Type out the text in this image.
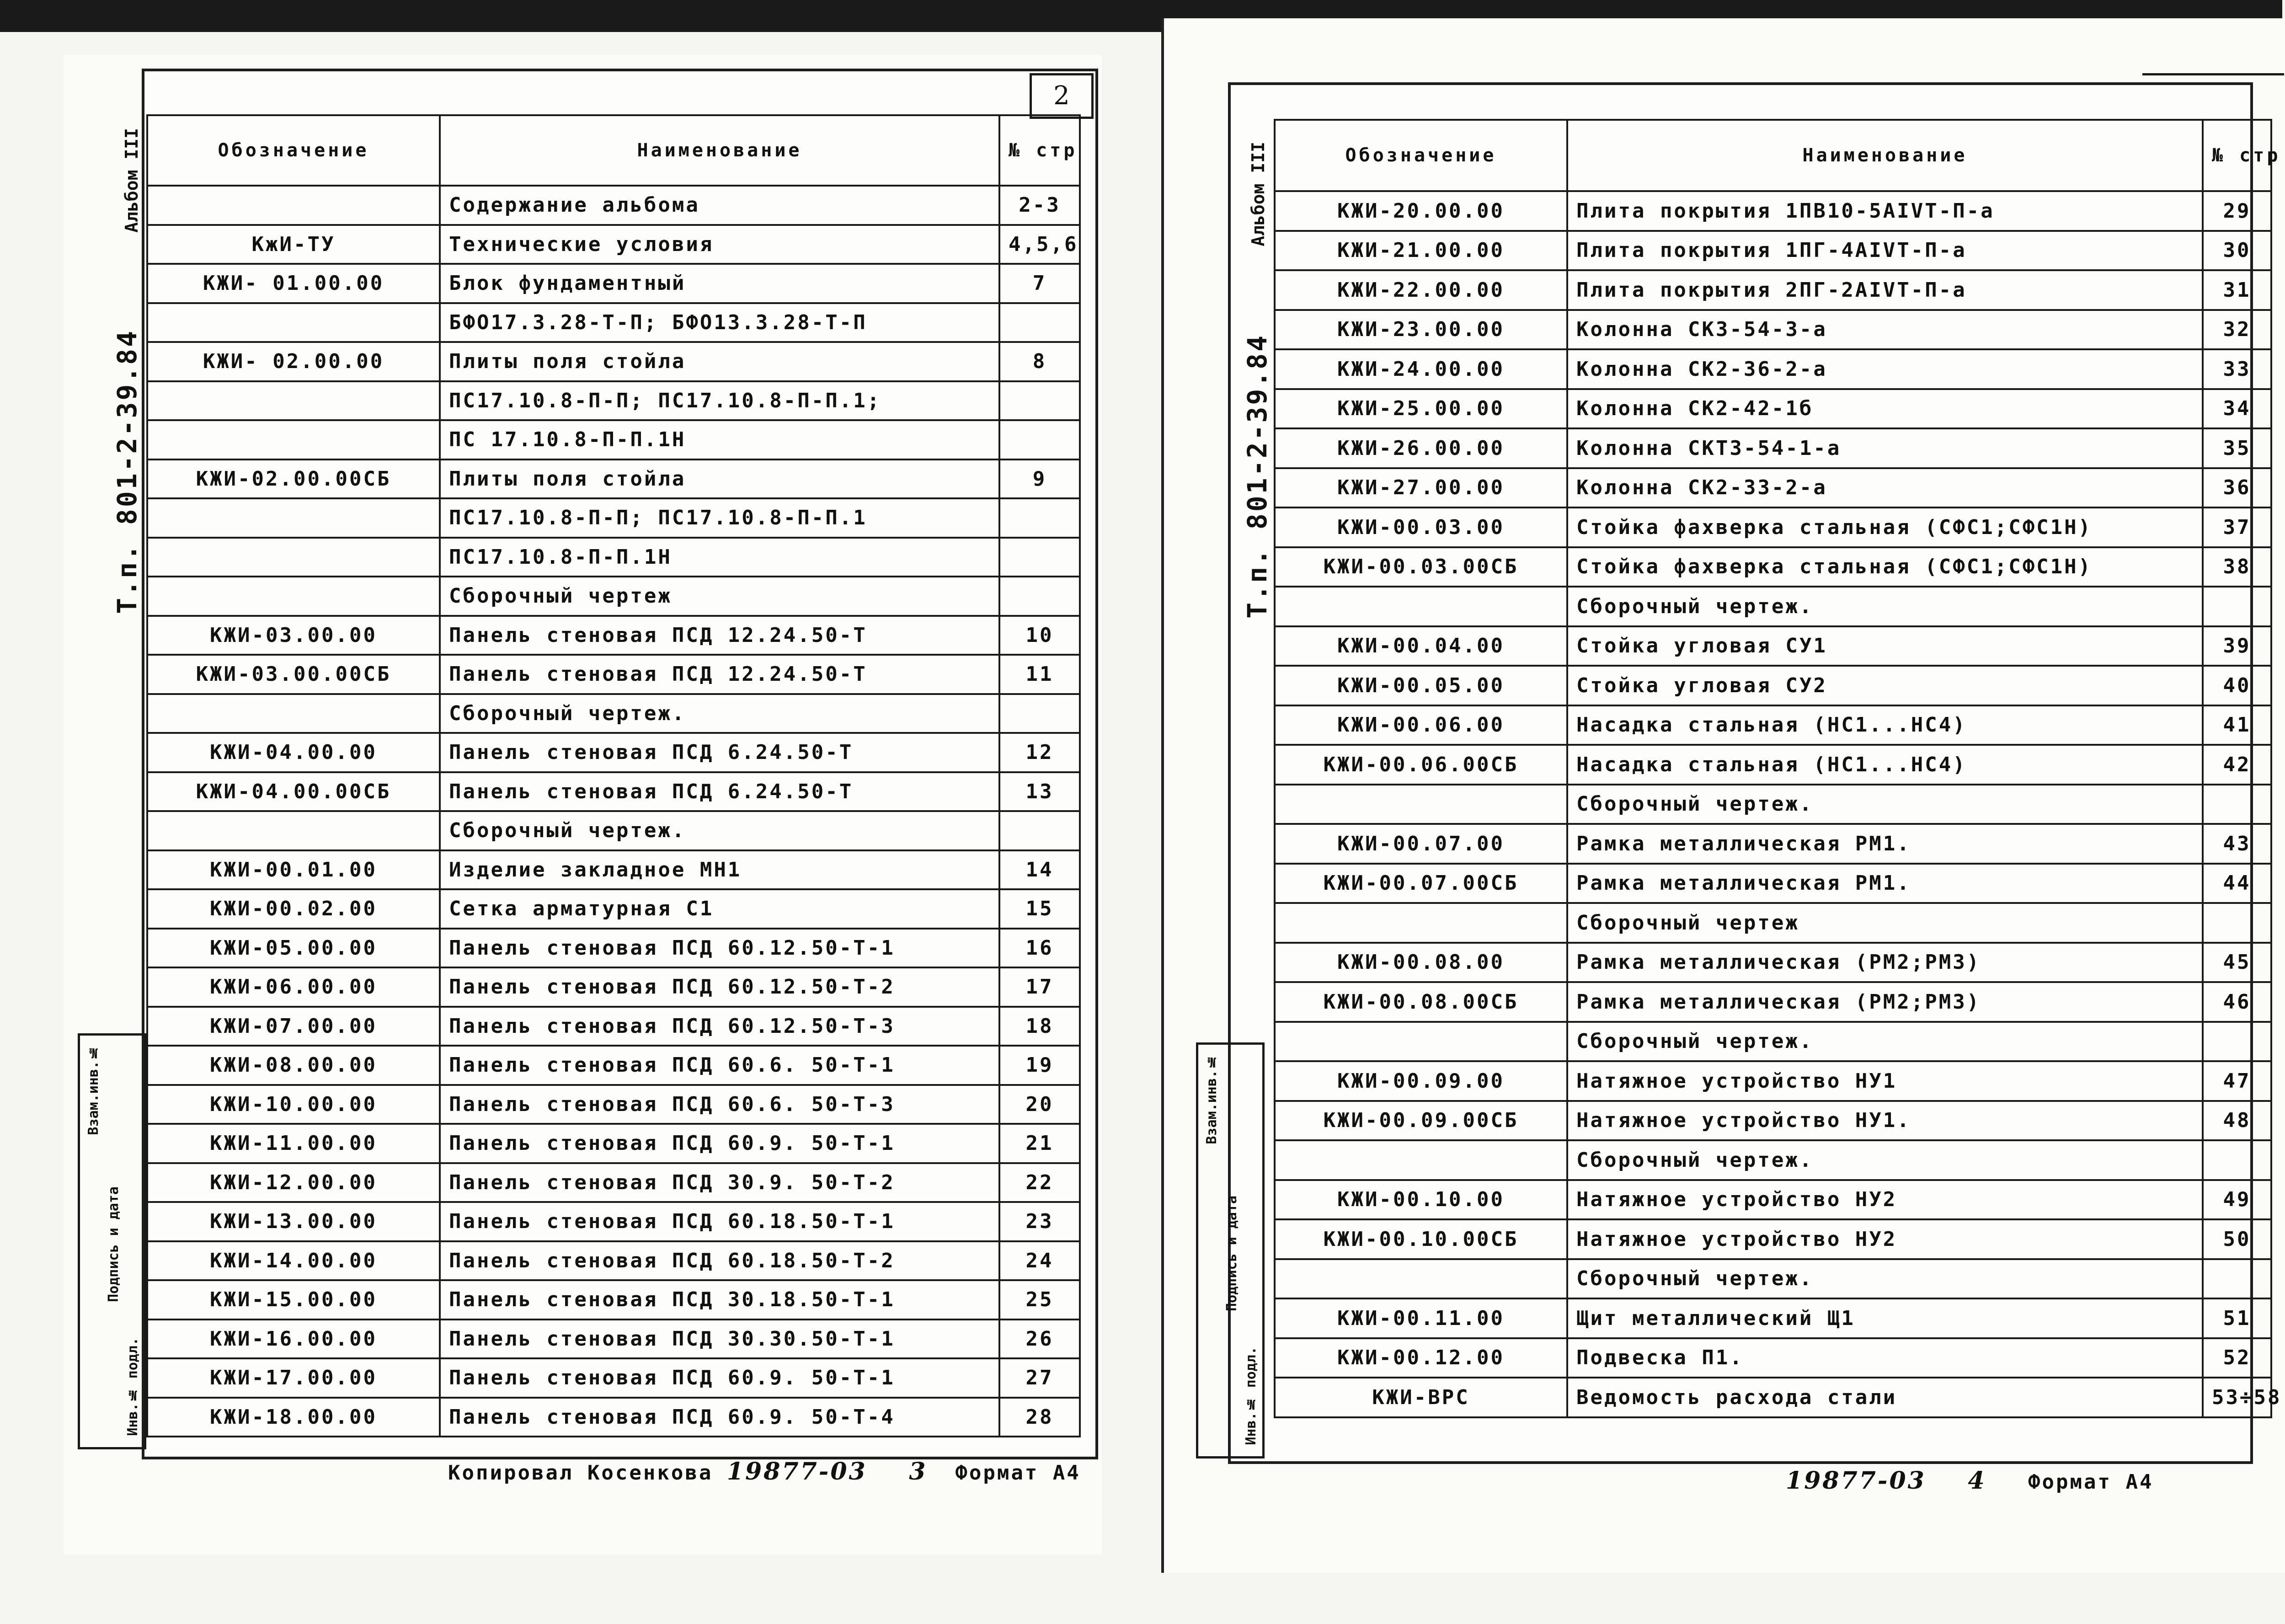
2
Альбом III
Т.п. 801-2-39.84
Обозначение	Наименование	№ стр
	Содержание альбома	2-3
КжИ-ТУ	Технические условия	4,5,6
КЖИ- 01.00.00	Блок фундаментный	7
	БФО17.3.28-Т-П; БФО13.3.28-Т-П	
КЖИ- 02.00.00	Плиты поля стойла	8
	ПС17.10.8-П-П; ПС17.10.8-П-П.1;	
	ПС 17.10.8-П-П.1Н	
КЖИ-02.00.00СБ	Плиты поля стойла	9
	ПС17.10.8-П-П; ПС17.10.8-П-П.1	
	ПС17.10.8-П-П.1Н	
	Сборочный чертеж	
КЖИ-03.00.00	Панель стеновая ПСД 12.24.50-Т	10
КЖИ-03.00.00СБ	Панель стеновая ПСД 12.24.50-Т	11
	Сборочный чертеж.	
КЖИ-04.00.00	Панель стеновая ПСД 6.24.50-Т	12
КЖИ-04.00.00СБ	Панель стеновая ПСД 6.24.50-Т	13
	Сборочный чертеж.	
КЖИ-00.01.00	Изделие закладное МН1	14
КЖИ-00.02.00	Сетка арматурная С1	15
КЖИ-05.00.00	Панель стеновая ПСД 60.12.50-Т-1	16
КЖИ-06.00.00	Панель стеновая ПСД 60.12.50-Т-2	17
КЖИ-07.00.00	Панель стеновая ПСД 60.12.50-Т-3	18
КЖИ-08.00.00	Панель стеновая ПСД 60.6. 50-Т-1	19
КЖИ-10.00.00	Панель стеновая ПСД 60.6. 50-Т-3	20
КЖИ-11.00.00	Панель стеновая ПСД 60.9. 50-Т-1	21
КЖИ-12.00.00	Панель стеновая ПСД 30.9. 50-Т-2	22
КЖИ-13.00.00	Панель стеновая ПСД 60.18.50-Т-1	23
КЖИ-14.00.00	Панель стеновая ПСД 60.18.50-Т-2	24
КЖИ-15.00.00	Панель стеновая ПСД 30.18.50-Т-1	25
КЖИ-16.00.00	Панель стеновая ПСД 30.30.50-Т-1	26
КЖИ-17.00.00	Панель стеновая ПСД 60.9. 50-Т-1	27
КЖИ-18.00.00	Панель стеновая ПСД 60.9. 50-Т-4	28
Взам.инв.№
Подпись и дата
Инв.№ подл.
Копировал Косенкова 19877-03 3 Формат А4
Альбом III
Т.п. 801-2-39.84
Обозначение	Наименование	№ стр
КЖИ-20.00.00	Плита покрытия 1ПВ10-5АIVТ-П-а	29
КЖИ-21.00.00	Плита покрытия 1ПГ-4АIVТ-П-а	30
КЖИ-22.00.00	Плита покрытия 2ПГ-2АIVТ-П-а	31
КЖИ-23.00.00	Колонна СК3-54-3-а	32
КЖИ-24.00.00	Колонна СК2-36-2-а	33
КЖИ-25.00.00	Колонна СК2-42-1б	34
КЖИ-26.00.00	Колонна СКТ3-54-1-а	35
КЖИ-27.00.00	Колонна СК2-33-2-а	36
КЖИ-00.03.00	Стойка фахверка стальная (СФС1;СФС1Н)	37
КЖИ-00.03.00СБ	Стойка фахверка стальная (СФС1;СФС1Н)	38
	Сборочный чертеж.	
КЖИ-00.04.00	Стойка угловая СУ1	39
КЖИ-00.05.00	Стойка угловая СУ2	40
КЖИ-00.06.00	Насадка стальная (НС1...НС4)	41
КЖИ-00.06.00СБ	Насадка стальная (НС1...НС4)	42
	Сборочный чертеж.	
КЖИ-00.07.00	Рамка металлическая РМ1.	43
КЖИ-00.07.00СБ	Рамка металлическая РМ1.	44
	Сборочный чертеж	
КЖИ-00.08.00	Рамка металлическая (РМ2;РМ3)	45
КЖИ-00.08.00СБ	Рамка металлическая (РМ2;РМ3)	46
	Сборочный чертеж.	
КЖИ-00.09.00	Натяжное устройство НУ1	47
КЖИ-00.09.00СБ	Натяжное устройство НУ1.	48
	Сборочный чертеж.	
КЖИ-00.10.00	Натяжное устройство НУ2	49
КЖИ-00.10.00СБ	Натяжное устройство НУ2	50
	Сборочный чертеж.	
КЖИ-00.11.00	Щит металлический Щ1	51
КЖИ-00.12.00	Подвеска П1.	52
КЖИ-ВРС	Ведомость расхода стали	53÷58
Взам.инв.№
Подпись и дата
Инв.№ подл.
19877-03 4 Формат А4
